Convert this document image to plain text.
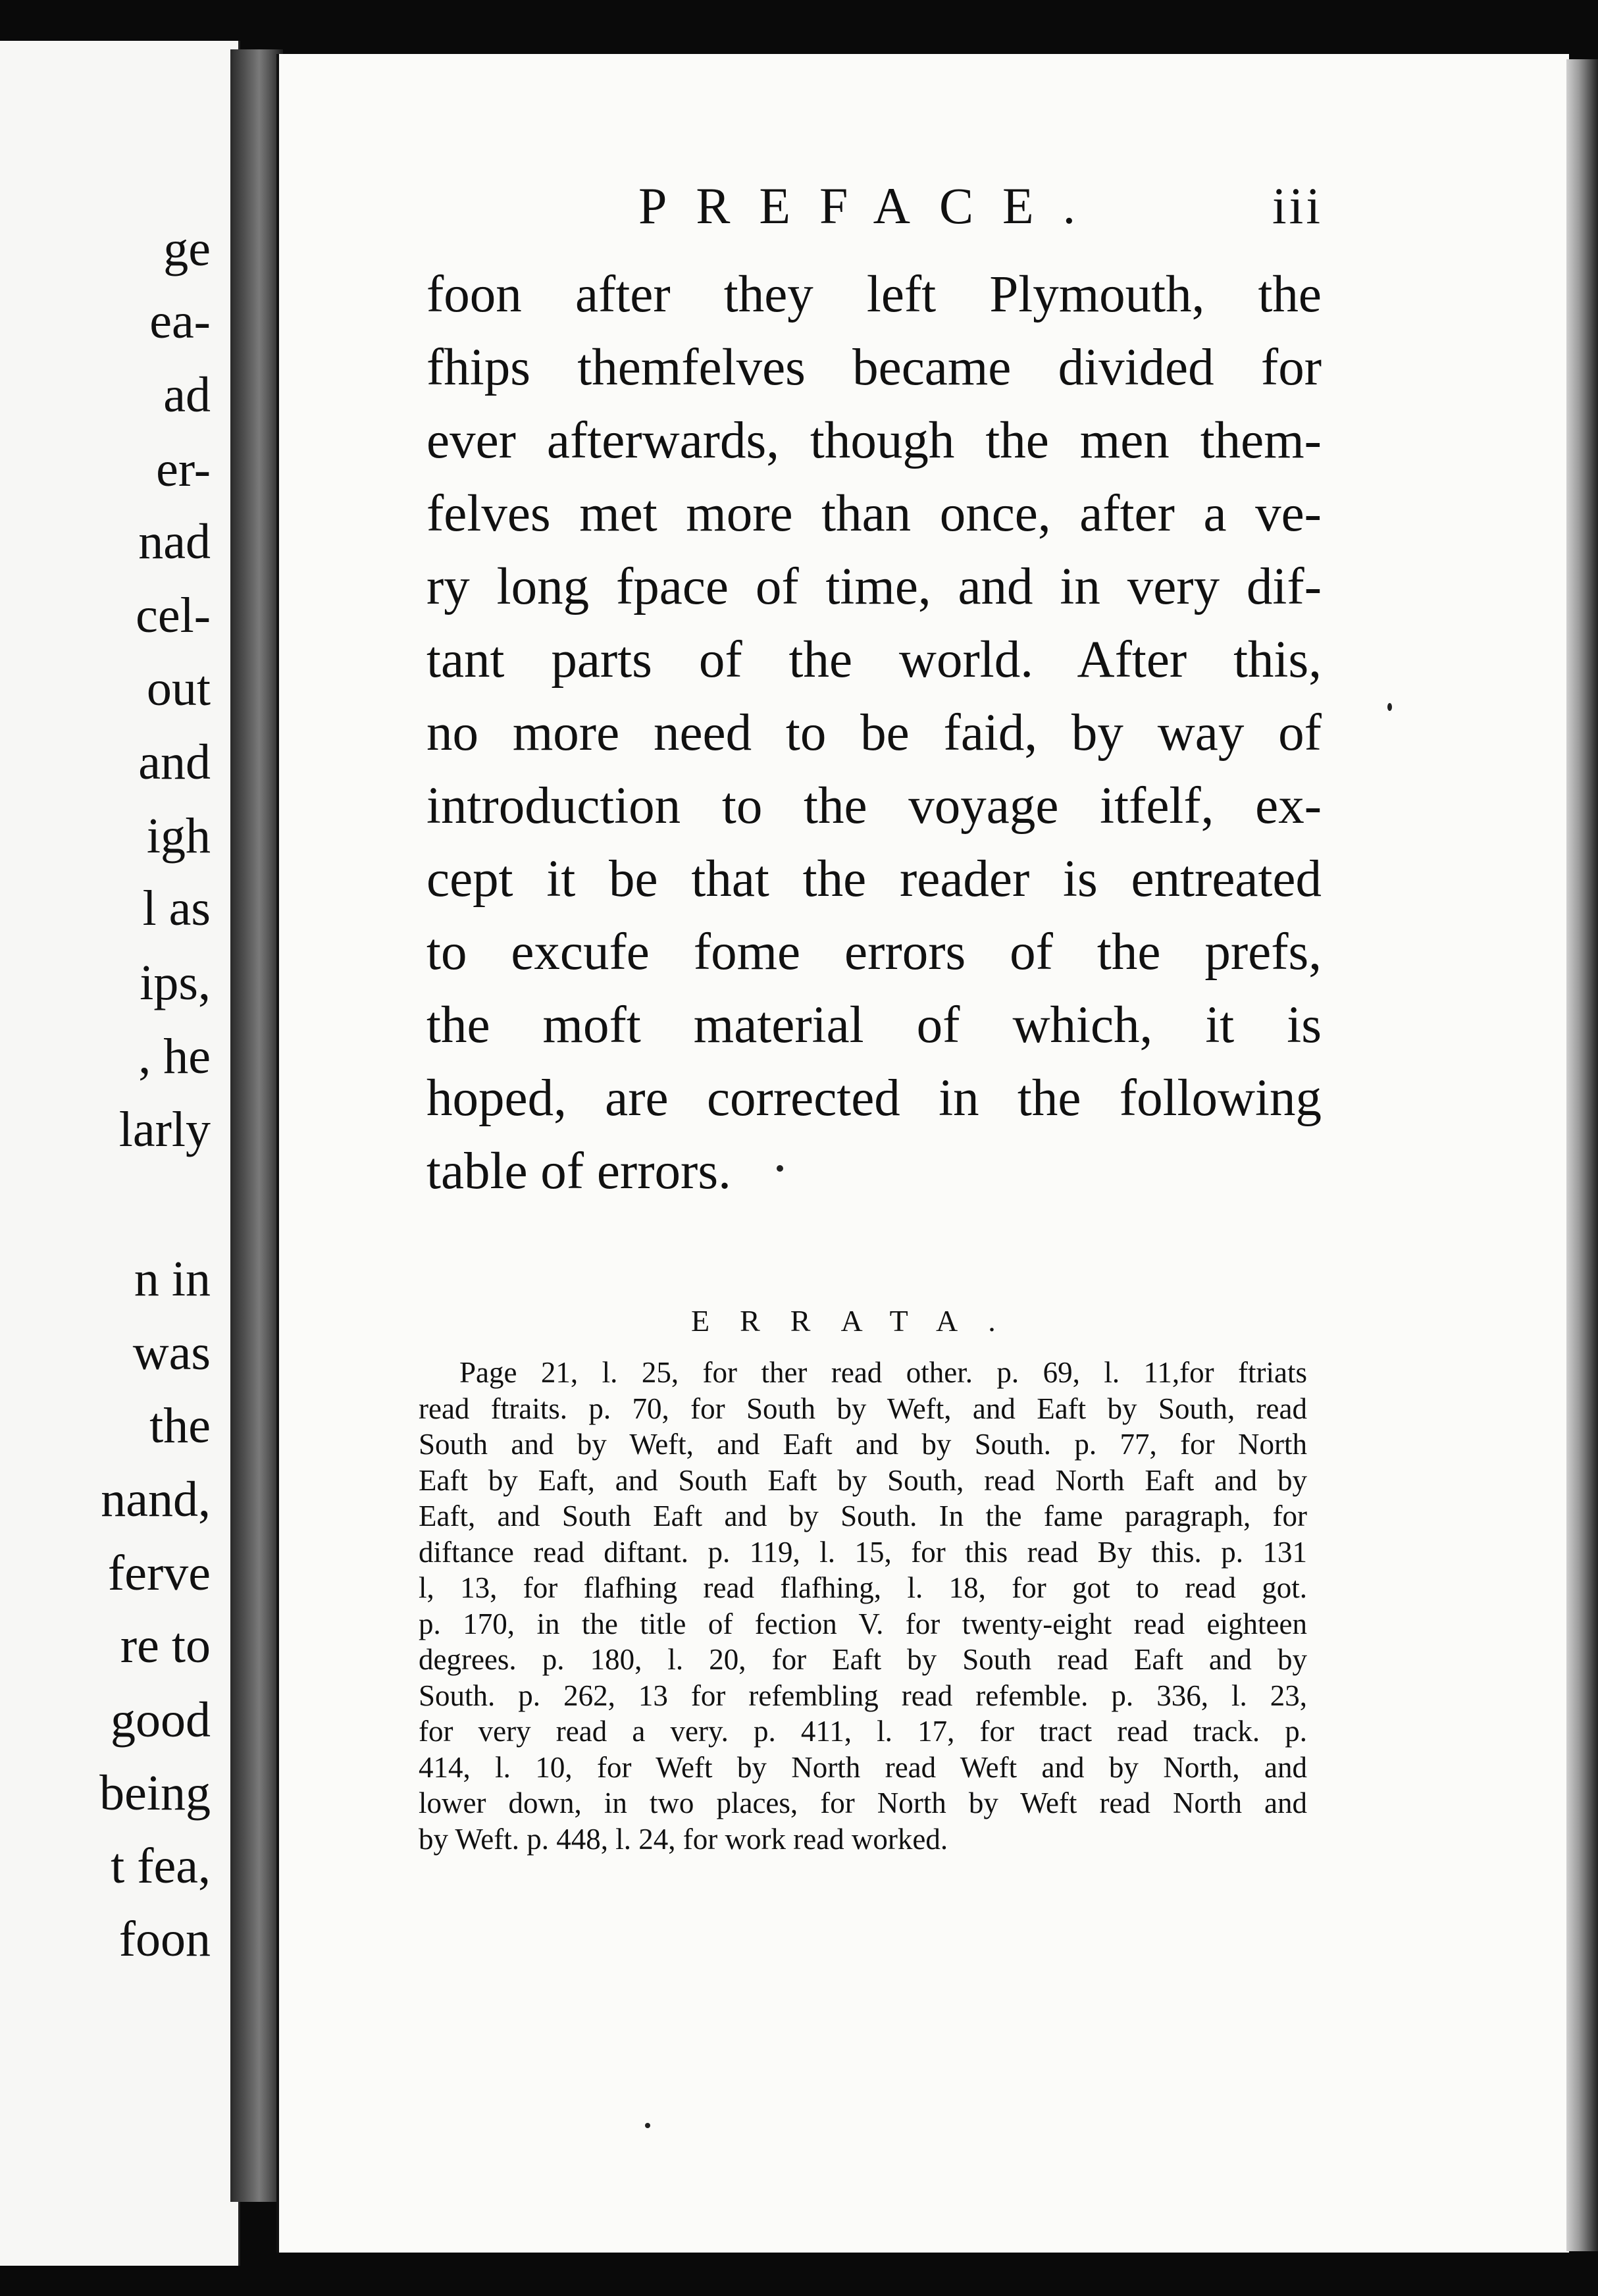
ge
ea-
ad
er-
nad
cel-
out
and
igh
l as
ips,
, he
larly
n in
was
the
nand,
ferve
re to
good
being
t fea,
foon
PREFACE.	iii
foon after they left Plymouth, the
fhips themfelves became divided for
ever afterwards, though the men them-
felves met more than once, after a ve-
ry long fpace of time, and in very dif-
tant parts of the world. After this,
no more need to be faid, by way of
introduction to the voyage itfelf, ex-
cept it be that the reader is entreated
to excufe fome errors of the prefs,
the moft material of which, it is
hoped, are corrected in the following
table of errors.
ERRATA.
Page 21, l. 25, for ther read other. p. 69, l. 11,for ftriats
read ftraits. p. 70, for South by Weft, and Eaft by South, read
South and by Weft, and Eaft and by South. p. 77, for North
Eaft by Eaft, and South Eaft by South, read North Eaft and by
Eaft, and South Eaft and by South. In the fame paragraph, for
diftance read diftant. p. 119, l. 15, for this read By this. p. 131
l, 13, for flafhing read flafhing, l. 18, for got to read got.
p. 170, in the title of fection V. for twenty-eight read eighteen
degrees. p. 180, l. 20, for Eaft by South read Eaft and by
South. p. 262, 13 for refembling read refemble. p. 336, l. 23,
for very read a very. p. 411, l. 17, for tract read track. p.
414, l. 10, for Weft by North read Weft and by North, and
lower down, in two places, for North by Weft read North and
by Weft. p. 448, l. 24, for work read worked.
